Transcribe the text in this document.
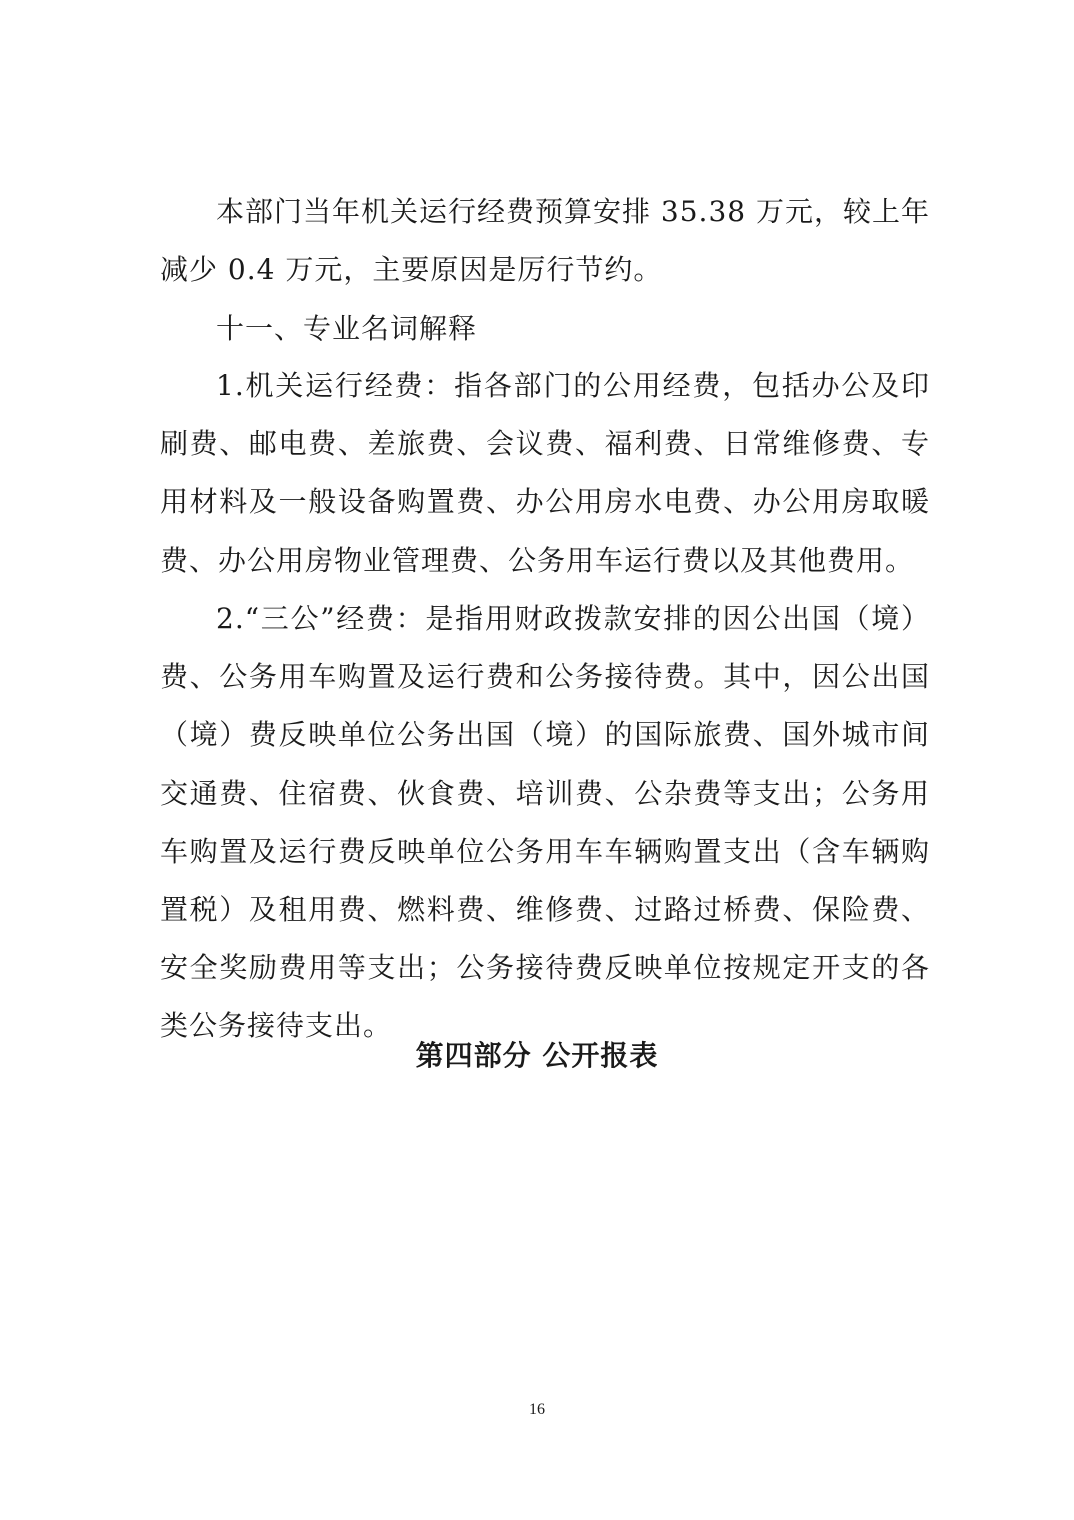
本部门当年机关运行经费预算安排 35.38 万元，较上年减少 0.4 万元，主要原因是厉行节约。

十一、专业名词解释

1.机关运行经费：指各部门的公用经费，包括办公及印刷费、邮电费、差旅费、会议费、福利费、日常维修费、专用材料及一般设备购置费、办公用房水电费、办公用房取暖费、办公用房物业管理费、公务用车运行费以及其他费用。

2.“三公”经费：是指用财政拨款安排的因公出国（境）费、公务用车购置及运行费和公务接待费。其中，因公出国（境）费反映单位公务出国（境）的国际旅费、国外城市间交通费、住宿费、伙食费、培训费、公杂费等支出；公务用车购置及运行费反映单位公务用车车辆购置支出（含车辆购置税）及租用费、燃料费、维修费、过路过桥费、保险费、安全奖励费用等支出；公务接待费反映单位按规定开支的各类公务接待支出。

第四部分 公开报表
16
